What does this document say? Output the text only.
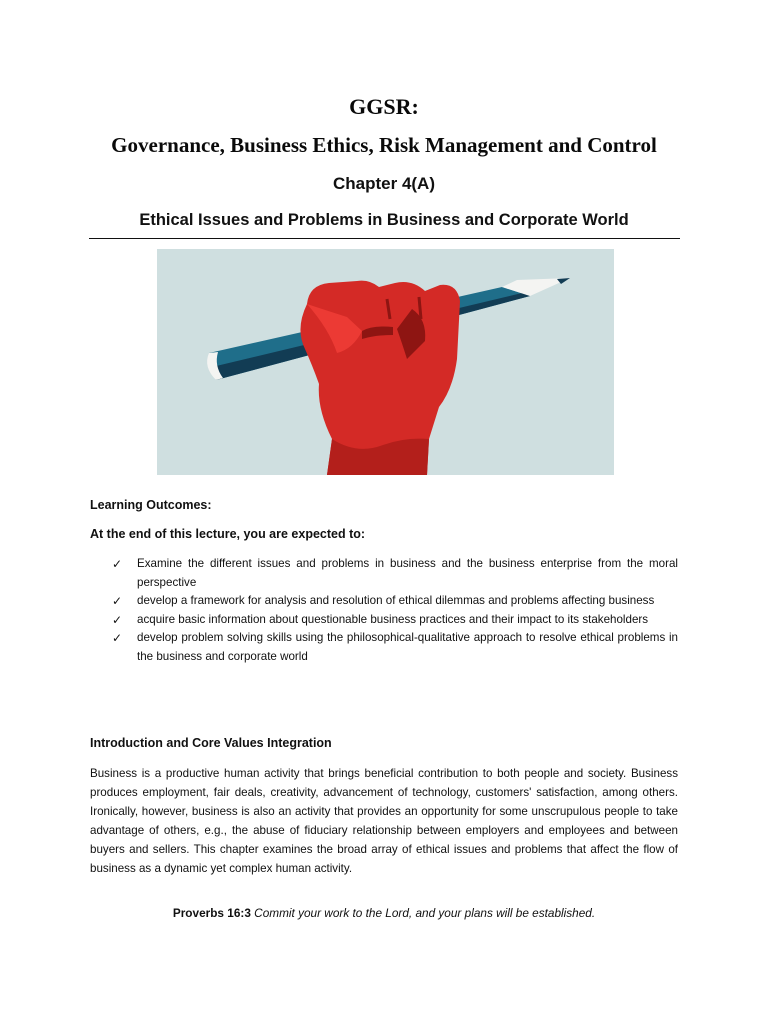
GGSR:
Governance, Business Ethics, Risk Management and Control
Chapter 4(A)
Ethical Issues and Problems in Business and Corporate World
Learning Outcomes:
At the end of this lecture, you are expected to:
✓ Examine the different issues and problems in business and the business enterprise from the moral perspective
✓ develop a framework for analysis and resolution of ethical dilemmas and problems affecting business
✓ acquire basic information about questionable business practices and their impact to its stakeholders
✓ develop problem solving skills using the philosophical-qualitative approach to resolve ethical problems in the business and corporate world
Introduction and Core Values Integration

Business is a productive human activity that brings beneficial contribution to both people and society. Business produces employment, fair deals, creativity, advancement of technology, customers' satisfaction, among others. Ironically, however, business is also an activity that provides an opportunity for some unscrupulous people to take advantage of others, e.g., the abuse of fiduciary relationship between employers and employees and between buyers and sellers. This chapter examines the broad array of ethical issues and problems that affect the flow of business as a dynamic yet complex human activity.

Proverbs 16:3 Commit your work to the Lord, and your plans will be established.
